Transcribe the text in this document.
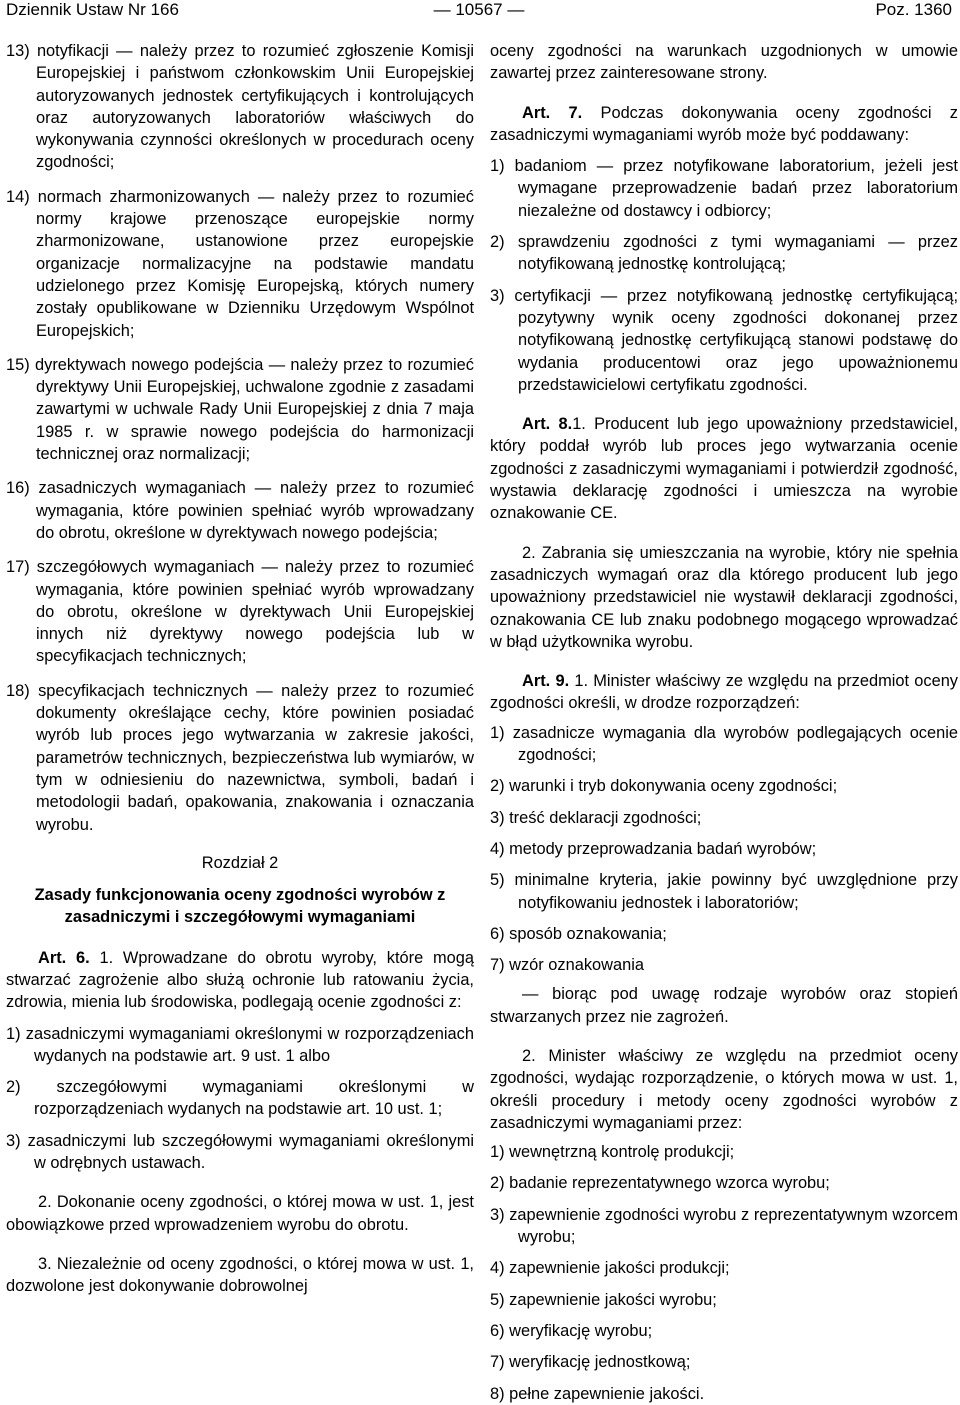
Dziennik Ustaw Nr 166	— 10567 —	Poz. 1360

13) notyfikacji — należy przez to rozumieć zgłoszenie Komisji Europejskiej i państwom członkowskim Unii Europejskiej autoryzowanych jednostek certyfikujących i kontrolujących oraz autoryzowanych laboratoriów właściwych do wykonywania czynności określonych w procedurach oceny zgodności;

14) normach zharmonizowanych — należy przez to rozumieć normy krajowe przenoszące europejskie normy zharmonizowane, ustanowione przez europejskie organizacje normalizacyjne na podstawie mandatu udzielonego przez Komisję Europejską, których numery zostały opublikowane w Dzienniku Urzędowym Wspólnot Europejskich;

15) dyrektywach nowego podejścia — należy przez to rozumieć dyrektywy Unii Europejskiej, uchwalone zgodnie z zasadami zawartymi w uchwale Rady Unii Europejskiej z dnia 7 maja 1985 r. w sprawie nowego podejścia do harmonizacji technicznej oraz normalizacji;

16) zasadniczych wymaganiach — należy przez to rozumieć wymagania, które powinien spełniać wyrób wprowadzany do obrotu, określone w dyrektywach nowego podejścia;

17) szczegółowych wymaganiach — należy przez to rozumieć wymagania, które powinien spełniać wyrób wprowadzany do obrotu, określone w dyrektywach Unii Europejskiej innych niż dyrektywy nowego podejścia lub w specyfikacjach technicznych;

18) specyfikacjach technicznych — należy przez to rozumieć dokumenty określające cechy, które powinien posiadać wyrób lub proces jego wytwarzania w zakresie jakości, parametrów technicznych, bezpieczeństwa lub wymiarów, w tym w odniesieniu do nazewnictwa, symboli, badań i metodologii badań, opakowania, znakowania i oznaczania wyrobu.

Rozdział 2
Zasady funkcjonowania oceny zgodności wyrobów z zasadniczymi i szczegółowymi wymaganiami

Art. 6. 1. Wprowadzane do obrotu wyroby, które mogą stwarzać zagrożenie albo służą ochronie lub ratowaniu życia, zdrowia, mienia lub środowiska, podlegają ocenie zgodności z:

1) zasadniczymi wymaganiami określonymi w rozporządzeniach wydanych na podstawie art. 9 ust. 1 albo

2) szczegółowymi wymaganiami określonymi w rozporządzeniach wydanych na podstawie art. 10 ust. 1;

3) zasadniczymi lub szczegółowymi wymaganiami określonymi w odrębnych ustawach.

2. Dokonanie oceny zgodności, o której mowa w ust. 1, jest obowiązkowe przed wprowadzeniem wyrobu do obrotu.

3. Niezależnie od oceny zgodności, o której mowa w ust. 1, dozwolone jest dokonywanie dobrowolnej

oceny zgodności na warunkach uzgodnionych w umowie zawartej przez zainteresowane strony.

Art. 7. Podczas dokonywania oceny zgodności z zasadniczymi wymaganiami wyrób może być poddawany:

1) badaniom — przez notyfikowane laboratorium, jeżeli jest wymagane przeprowadzenie badań przez laboratorium niezależne od dostawcy i odbiorcy;

2) sprawdzeniu zgodności z tymi wymaganiami — przez notyfikowaną jednostkę kontrolującą;

3) certyfikacji — przez notyfikowaną jednostkę certyfikującą; pozytywny wynik oceny zgodności dokonanej przez notyfikowaną jednostkę certyfikującą stanowi podstawę do wydania producentowi oraz jego upoważnionemu przedstawicielowi certyfikatu zgodności.

Art. 8.1. Producent lub jego upoważniony przedstawiciel, który poddał wyrób lub proces jego wytwarzania ocenie zgodności z zasadniczymi wymaganiami i potwierdził zgodność, wystawia deklarację zgodności i umieszcza na wyrobie oznakowanie CE.

2. Zabrania się umieszczania na wyrobie, który nie spełnia zasadniczych wymagań oraz dla którego producent lub jego upoważniony przedstawiciel nie wystawił deklaracji zgodności, oznakowania CE lub znaku podobnego mogącego wprowadzać w błąd użytkownika wyrobu.

Art. 9. 1. Minister właściwy ze względu na przedmiot oceny zgodności określi, w drodze rozporządzeń:

1) zasadnicze wymagania dla wyrobów podlegających ocenie zgodności;

2) warunki i tryb dokonywania oceny zgodności;

3) treść deklaracji zgodności;

4) metody przeprowadzania badań wyrobów;

5) minimalne kryteria, jakie powinny być uwzględnione przy notyfikowaniu jednostek i laboratoriów;

6) sposób oznakowania;

7) wzór oznakowania

— biorąc pod uwagę rodzaje wyrobów oraz stopień stwarzanych przez nie zagrożeń.

2. Minister właściwy ze względu na przedmiot oceny zgodności, wydając rozporządzenie, o których mowa w ust. 1, określi procedury i metody oceny zgodności wyrobów z zasadniczymi wymaganiami przez:

1) wewnętrzną kontrolę produkcji;

2) badanie reprezentatywnego wzorca wyrobu;

3) zapewnienie zgodności wyrobu z reprezentatywnym wzorcem wyrobu;

4) zapewnienie jakości produkcji;

5) zapewnienie jakości wyrobu;

6) weryfikację wyrobu;

7) weryfikację jednostkową;

8) pełne zapewnienie jakości.
